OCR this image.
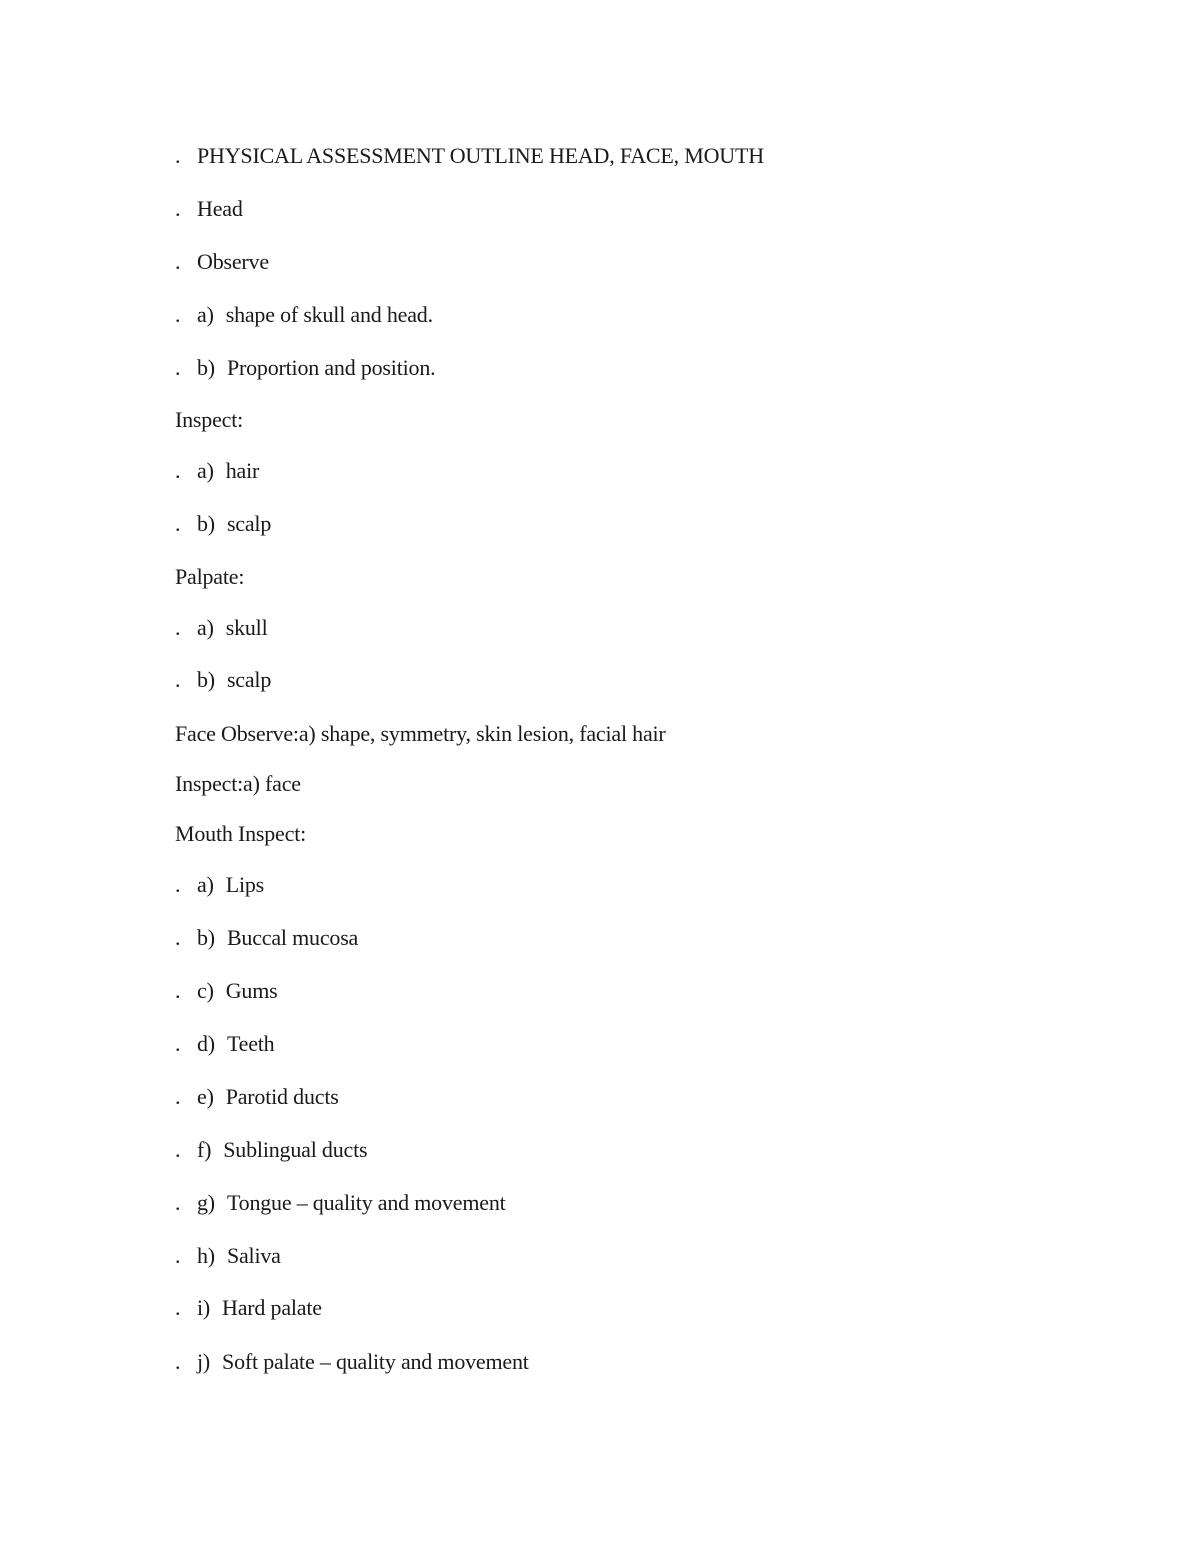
. PHYSICAL ASSESSMENT OUTLINE HEAD, FACE, MOUTH
. Head
. Observe
. a) shape of skull and head.
. b) Proportion and position.
Inspect:
. a) hair
. b) scalp
Palpate:
. a) skull
. b) scalp
Face Observe:a) shape, symmetry, skin lesion, facial hair
Inspect:a) face
Mouth Inspect:
. a) Lips
. b) Buccal mucosa
. c) Gums
. d) Teeth
. e) Parotid ducts
. f) Sublingual ducts
. g) Tongue – quality and movement
. h) Saliva
. i) Hard palate
. j) Soft palate – quality and movement
